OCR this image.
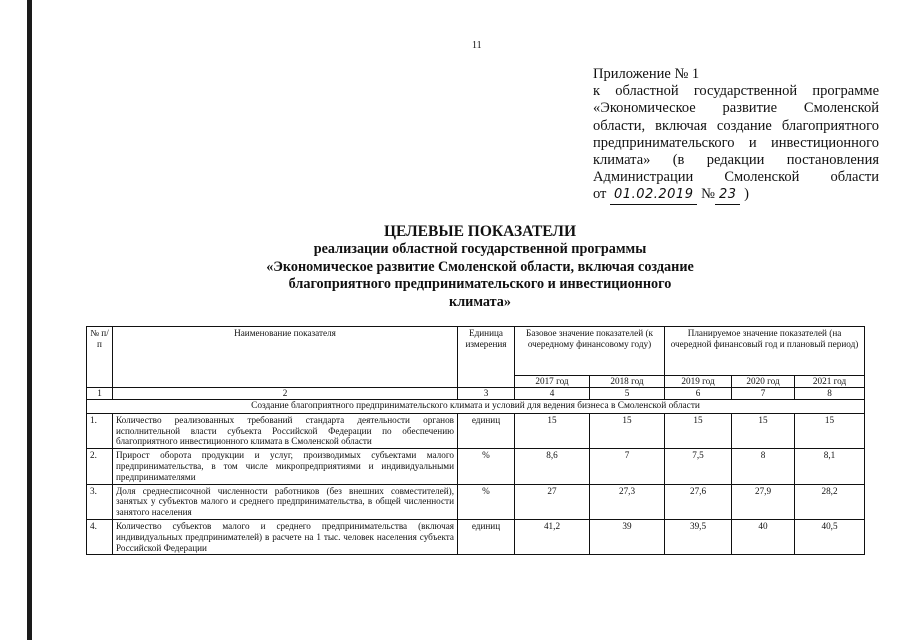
11
Приложение № 1
к областной государственной программе
«Экономическое развитие Смоленской
области, включая создание благоприятного
предпринимательского и инвестиционного
климата» (в редакции постановления
Администрации Смоленской области
от 01.02.2019 № 23 )
ЦЕЛЕВЫЕ ПОКАЗАТЕЛИ
реализации областной государственной программы
«Экономическое развитие Смоленской области, включая создание
благоприятного предпринимательского и инвестиционного
климата»
№ п/п	Наименование показателя	Единица измерения	Базовое значение показателей (к очередному финансовому году)		Планируемое значение показателей (на очередной финансовый год и плановый период)		
			2017 год	2018 год	2019 год	2020 год	2021 год
1	2	3	4	5	6	7	8
Создание благоприятного предпринимательского климата и условий для ведения бизнеса в Смоленской области							
1.	Количество реализованных требований стандарта деятельности органов исполнительной власти субъекта Российской Федерации по обеспечению благоприятного инвестиционного климата в Смоленской области	единиц	15	15	15	15	15
2.	Прирост оборота продукции и услуг, производимых субъектами малого предпринимательства, в том числе микропредприятиями и индивидуальными предпринимателями	%	8,6	7	7,5	8	8,1
3.	Доля среднесписочной численности работников (без внешних совместителей), занятых у субъектов малого и среднего предпринимательства, в общей численности занятого населения	%	27	27,3	27,6	27,9	28,2
4.	Количество субъектов малого и среднего предпринимательства (включая индивидуальных предпринимателей) в расчете на 1 тыс. человек населения субъекта Российской Федерации	единиц	41,2	39	39,5	40	40,5
